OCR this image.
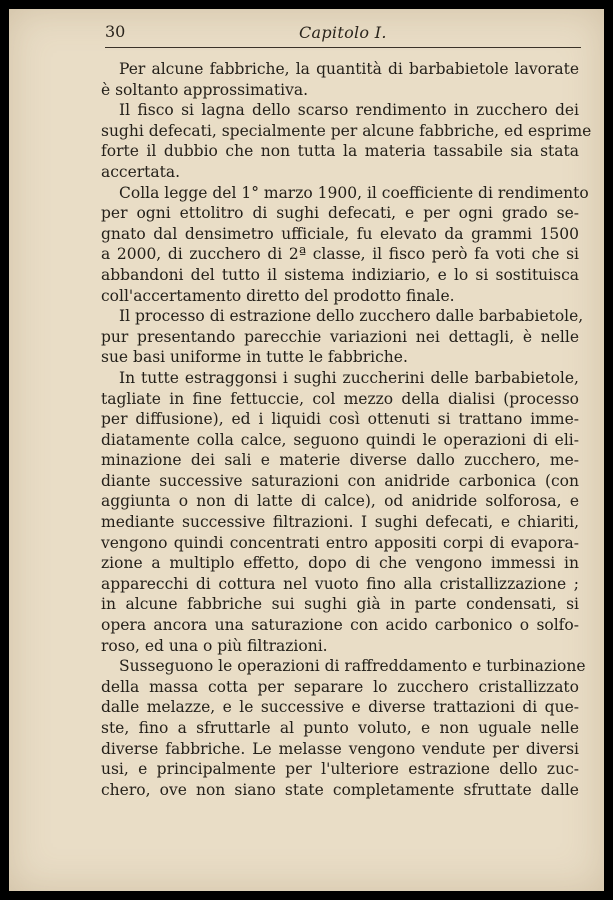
30	Capitolo I.
Per alcune fabbriche, la quantità di barbabietole lavorate
è soltanto approssimativa.
Il fisco si lagna dello scarso rendimento in zucchero dei
sughi defecati, specialmente per alcune fabbriche, ed esprime
forte il dubbio che non tutta la materia tassabile sia stata
accertata.
Colla legge del 1° marzo 1900, il coefficiente di rendimento
per ogni ettolitro di sughi defecati, e per ogni grado se-
gnato dal densimetro ufficiale, fu elevato da grammi 1500
a 2000, di zucchero di 2ª classe, il fisco però fa voti che si
abbandoni del tutto il sistema indiziario, e lo si sostituisca
coll'accertamento diretto del prodotto finale.
Il processo di estrazione dello zucchero dalle barbabietole,
pur presentando parecchie variazioni nei dettagli, è nelle
sue basi uniforme in tutte le fabbriche.
In tutte estraggonsi i sughi zuccherini delle barbabietole,
tagliate in fine fettuccie, col mezzo della dialisi (processo
per diffusione), ed i liquidi così ottenuti si trattano imme-
diatamente colla calce, seguono quindi le operazioni di eli-
minazione dei sali e materie diverse dallo zucchero, me-
diante successive saturazioni con anidride carbonica (con
aggiunta o non di latte di calce), od anidride solforosa, e
mediante successive filtrazioni. I sughi defecati, e chiariti,
vengono quindi concentrati entro appositi corpi di evapora-
zione a multiplo effetto, dopo di che vengono immessi in
apparecchi di cottura nel vuoto fino alla cristallizzazione ;
in alcune fabbriche sui sughi già in parte condensati, si
opera ancora una saturazione con acido carbonico o solfo-
roso, ed una o più filtrazioni.
Susseguono le operazioni di raffreddamento e turbinazione
della massa cotta per separare lo zucchero cristallizzato
dalle melazze, e le successive e diverse trattazioni di que-
ste, fino a sfruttarle al punto voluto, e non uguale nelle
diverse fabbriche. Le melasse vengono vendute per diversi
usi, e principalmente per l'ulteriore estrazione dello zuc-
chero, ove non siano state completamente sfruttate dalle
